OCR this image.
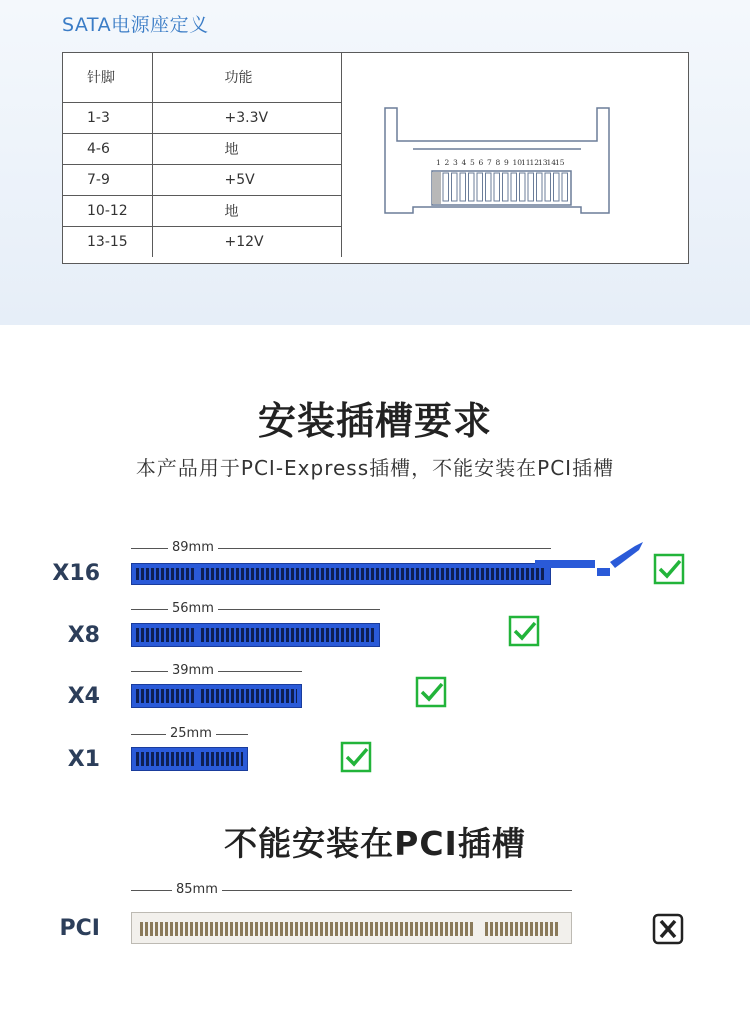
SATA电源座定义
针脚	功能
1-3	+3.3V
4-6	地
7-9	+5V
10-12	地
13-15	+12V
1 2 3 4 5 6 7 8 9 10
11
12
13
14
15
安装插槽要求
本产品用于PCI-Express插槽，不能安装在PCI插槽
X16
89mm
X8
56mm
X4
39mm
X1
25mm
不能安装在PCI插槽
PCI
85mm
